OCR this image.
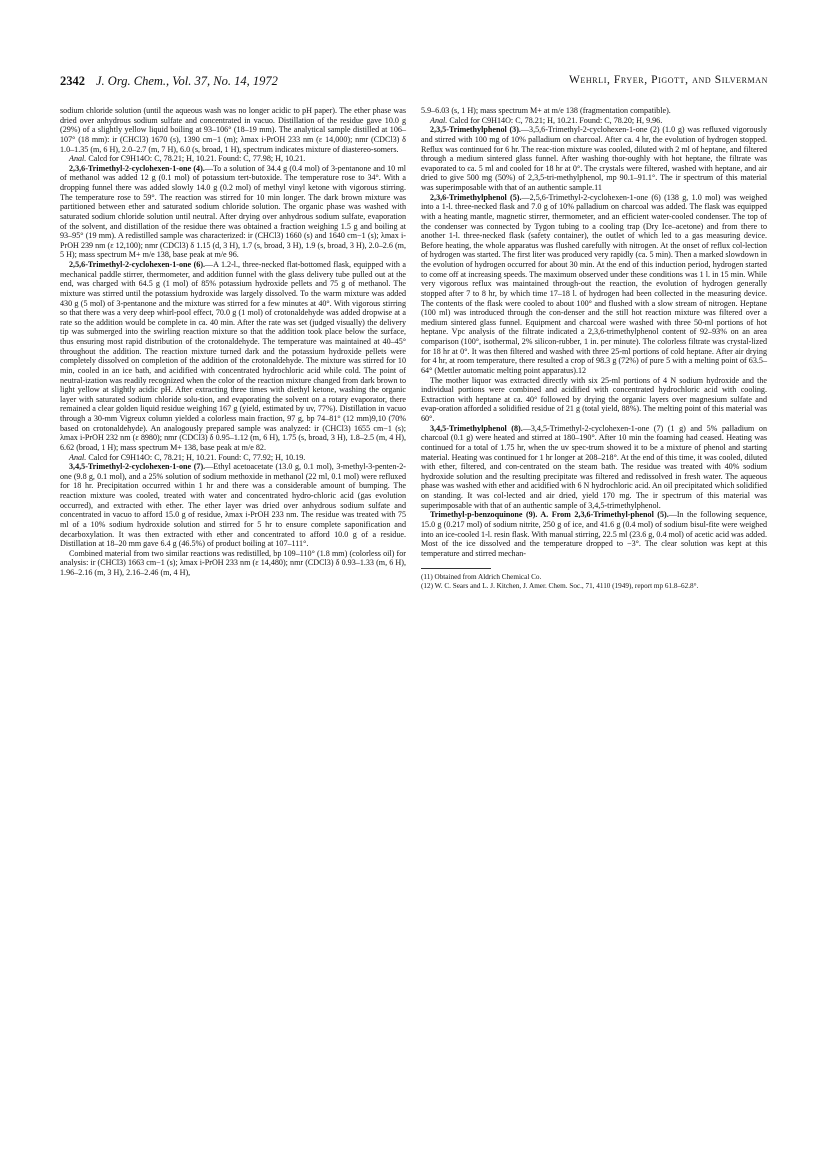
2342 J. Org. Chem., Vol. 37, No. 14, 1972	Wehrli, Fryer, Pigott, and Silverman

sodium chloride solution (until the aqueous wash was no longer acidic to pH paper). The ether phase was dried over anhydrous sodium sulfate and concentrated in vacuo. Distillation of the residue gave 10.0 g (29%) of a slightly yellow liquid boiling at 93–106° (18–19 mm). The analytical sample distilled at 106–107° (18 mm): ir (CHCl3) 1670 (s), 1390 cm−1 (m); λmax i-PrOH 233 nm (ε 14,000); nmr (CDCl3) δ 1.0–1.35 (m, 6 H), 2.0–2.7 (m, 7 H), 6.0 (s, broad, 1 H), spectrum indicates mixture of diastereo-somers.

Anal. Calcd for C9H14O: C, 78.21; H, 10.21. Found: C, 77.98; H, 10.21.

2,3,6-Trimethyl-2-cyclohexen-1-one (4).—To a solution of 34.4 g (0.4 mol) of 3-pentanone and 10 ml of methanol was added 12 g (0.1 mol) of potassium tert-butoxide. The temperature rose to 34°. With a dropping funnel there was added slowly 14.0 g (0.2 mol) of methyl vinyl ketone with vigorous stirring. The temperature rose to 59°. The reaction was stirred for 10 min longer. The dark brown mixture was partitioned between ether and saturated sodium chloride solution. The organic phase was washed with saturated sodium chloride solution until neutral. After drying over anhydrous sodium sulfate, evaporation of the solvent, and distillation of the residue there was obtained a fraction weighing 1.5 g and boiling at 93–95° (19 mm). A redistilled sample was characterized: ir (CHCl3) 1660 (s) and 1640 cm−1 (s); λmax i-PrOH 239 nm (ε 12,100); nmr (CDCl3) δ 1.15 (d, 3 H), 1.7 (s, broad, 3 H), 1.9 (s, broad, 3 H), 2.0–2.6 (m, 5 H); mass spectrum M+ m/e 138, base peak at m/e 96.

2,5,6-Trimethyl-2-cyclohexen-1-one (6).—A 1.2-l., three-necked flat-bottomed flask, equipped with a mechanical paddle stirrer, thermometer, and addition funnel with the glass delivery tube pulled out at the end, was charged with 64.5 g (1 mol) of 85% potassium hydroxide pellets and 75 g of methanol. The mixture was stirred until the potassium hydroxide was largely dissolved. To the warm mixture was added 430 g (5 mol) of 3-pentanone and the mixture was stirred for a few minutes at 40°. With vigorous stirring so that there was a very deep whirl-pool effect, 70.0 g (1 mol) of crotonaldehyde was added dropwise at a rate so the addition would be complete in ca. 40 min. After the rate was set (judged visually) the delivery tip was submerged into the swirling reaction mixture so that the addition took place below the surface, thus ensuring most rapid distribution of the crotonaldehyde. The temperature was maintained at 40–45° throughout the addition. The reaction mixture turned dark and the potassium hydroxide pellets were completely dissolved on completion of the addition of the crotonaldehyde. The mixture was stirred for 10 min, cooled in an ice bath, and acidified with concentrated hydrochloric acid while cold. The point of neutral-ization was readily recognized when the color of the reaction mixture changed from dark brown to light yellow at slightly acidic pH. After extracting three times with diethyl ketone, washing the organic layer with saturated sodium chloride solu-tion, and evaporating the solvent on a rotary evaporator, there remained a clear golden liquid residue weighing 167 g (yield, estimated by uv, 77%). Distillation in vacuo through a 30-mm Vigreux column yielded a colorless main fraction, 97 g, bp 74–81° (12 mm)9,10 (70% based on crotonaldehyde). An analogously prepared sample was analyzed: ir (CHCl3) 1655 cm−1 (s); λmax i-PrOH 232 nm (ε 8980); nmr (CDCl3) δ 0.95–1.12 (m, 6 H), 1.75 (s, broad, 3 H), 1.8–2.5 (m, 4 H), 6.62 (broad, 1 H); mass spectrum M+ 138, base peak at m/e 82.

Anal. Calcd for C9H14O: C, 78.21; H, 10.21. Found: C, 77.92; H, 10.19.

3,4,5-Trimethyl-2-cyclohexen-1-one (7).—Ethyl acetoacetate (13.0 g, 0.1 mol), 3-methyl-3-penten-2-one (9.8 g, 0.1 mol), and a 25% solution of sodium methoxide in methanol (22 ml, 0.1 mol) were refluxed for 18 hr. Precipitation occurred within 1 hr and there was a considerable amount of bumping. The reaction mixture was cooled, treated with water and concentrated hydro-chloric acid (gas evolution occurred), and extracted with ether. The ether layer was dried over anhydrous sodium sulfate and concentrated in vacuo to afford 15.0 g of residue, λmax i-PrOH 233 nm. The residue was treated with 75 ml of a 10% sodium hydroxide solution and stirred for 5 hr to ensure complete saponification and decarboxylation. It was then extracted with ether and concentrated to afford 10.0 g of a residue. Distillation at 18–20 mm gave 6.4 g (46.5%) of product boiling at 107–111°.

Combined material from two similar reactions was redistilled, bp 109–110° (1.8 mm) (colorless oil) for analysis: ir (CHCl3) 1663 cm−1 (s); λmax i-PrOH 233 nm (ε 14,480); nmr (CDCl3) δ 0.93–1.33 (m, 6 H), 1.96–2.16 (m, 3 H), 2.16–2.46 (m, 4 H),

5.9–6.03 (s, 1 H); mass spectrum M+ at m/e 138 (fragmentation compatible).

Anal. Calcd for C9H14O: C, 78.21; H, 10.21. Found: C, 78.20; H, 9.96.

2,3,5-Trimethylphenol (3).—3,5,6-Trimethyl-2-cyclohexen-1-one (2) (1.0 g) was refluxed vigorously and stirred with 100 mg of 10% palladium on charcoal. After ca. 4 hr, the evolution of hydrogen stopped. Reflux was continued for 6 hr. The reac-tion mixture was cooled, diluted with 2 ml of heptane, and filtered through a medium sintered glass funnel. After washing thor-oughly with hot heptane, the filtrate was evaporated to ca. 5 ml and cooled for 18 hr at 0°. The crystals were filtered, washed with heptane, and air dried to give 500 mg (50%) of 2,3,5-tri-methylphenol, mp 90.1–91.1°. The ir spectrum of this material was superimposable with that of an authentic sample.11

2,3,6-Trimethylphenol (5).—2,5,6-Trimethyl-2-cyclohexen-1-one (6) (138 g, 1.0 mol) was weighed into a 1-l. three-necked flask and 7.0 g of 10% palladium on charcoal was added. The flask was equipped with a heating mantle, magnetic stirrer, thermometer, and an efficient water-cooled condenser. The top of the condenser was connected by Tygon tubing to a cooling trap (Dry Ice–acetone) and from there to another 1-l. three-necked flask (safety container), the outlet of which led to a gas measuring device. Before heating, the whole apparatus was flushed carefully with nitrogen. At the onset of reflux col-lection of hydrogen was started. The first liter was produced very rapidly (ca. 5 min). Then a marked slowdown in the evolution of hydrogen occurred for about 30 min. At the end of this induction period, hydrogen started to come off at increasing speeds. The maximum observed under these conditions was 1 l. in 15 min. While very vigorous reflux was maintained through-out the reaction, the evolution of hydrogen generally stopped after 7 to 8 hr, by which time 17–18 l. of hydrogen had been collected in the measuring device. The contents of the flask were cooled to about 100° and flushed with a slow stream of nitrogen. Heptane (100 ml) was introduced through the con-denser and the still hot reaction mixture was filtered over a medium sintered glass funnel. Equipment and charcoal were washed with three 50-ml portions of hot heptane. Vpc analysis of the filtrate indicated a 2,3,6-trimethylphenol content of 92–93% on an area comparison (100°, isothermal, 2% silicon-rubber, 1 in. per minute). The colorless filtrate was crystal-lized for 18 hr at 0°. It was then filtered and washed with three 25-ml portions of cold heptane. After air drying for 4 hr, at room temperature, there resulted a crop of 98.3 g (72%) of pure 5 with a melting point of 63.5–64° (Mettler automatic melting point apparatus).12

The mother liquor was extracted directly with six 25-ml portions of 4 N sodium hydroxide and the individual portions were combined and acidified with concentrated hydrochloric acid with cooling. Extraction with heptane at ca. 40° followed by drying the organic layers over magnesium sulfate and evap-oration afforded a solidified residue of 21 g (total yield, 88%). The melting point of this material was 60°.

3,4,5-Trimethylphenol (8).—3,4,5-Trimethyl-2-cyclohexen-1-one (7) (1 g) and 5% palladium on charcoal (0.1 g) were heated and stirred at 180–190°. After 10 min the foaming had ceased. Heating was continued for a total of 1.75 hr, when the uv spec-trum showed it to be a mixture of phenol and starting material. Heating was continued for 1 hr longer at 208–218°. At the end of this time, it was cooled, diluted with ether, filtered, and con-centrated on the steam bath. The residue was treated with 40% sodium hydroxide solution and the resulting precipitate was filtered and redissolved in fresh water. The aqueous phase was washed with ether and acidified with 6 N hydrochloric acid. An oil precipitated which solidified on standing. It was col-lected and air dried, yield 170 mg. The ir spectrum of this material was superimposable with that of an authentic sample of 3,4,5-trimethylphenol.

Trimethyl-p-benzoquinone (9). A. From 2,3,6-Trimethyl-phenol (5).—In the following sequence, 15.0 g (0.217 mol) of sodium nitrite, 250 g of ice, and 41.6 g (0.4 mol) of sodium bisul-fite were weighed into an ice-cooled 1-l. resin flask. With manual stirring, 22.5 ml (23.6 g, 0.4 mol) of acetic acid was added. Most of the ice dissolved and the temperature dropped to −3°. The clear solution was kept at this temperature and stirred mechan-

(11) Obtained from Aldrich Chemical Co.

(12) W. C. Sears and L. J. Kitchen, J. Amer. Chem. Soc., 71, 4110 (1949), report mp 61.8–62.8°.
